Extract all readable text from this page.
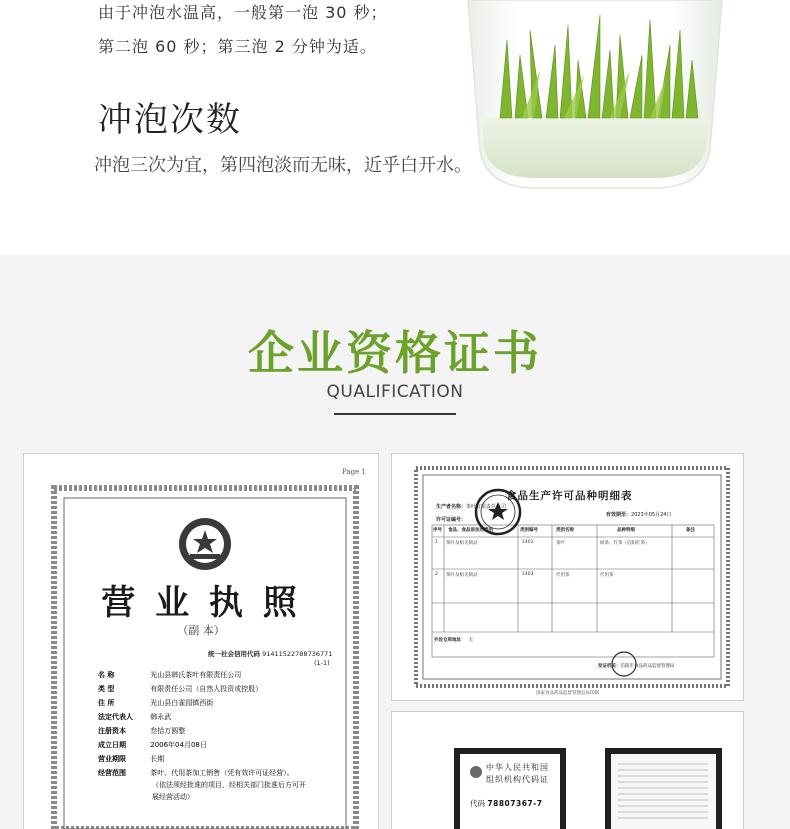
由于冲泡水温高，一般第一泡 30 秒；
第二泡 60 秒；第三泡 2 分钟为适。
冲泡次数
冲泡三次为宜，第四泡淡而无味，近乎白开水。
企业资格证书
QUALIFICATION
Page 1
营 业 执 照
（副 本）
统一社会信用代码 91411522788736771
(1-1)
名 称	光山县韩氏茶叶有限责任公司
类 型	有限责任公司（自然人投资或控股）
住 所	光山县白雀园镇西街
法定代表人 韩永武
注册资本	叁拾万圆整
成立日期	2006年04月08日
营业期限	长期
经营范围	茶叶、代用茶加工销售（凭有效许可证经营）。
（依法须经批准的项目，经相关部门批准后方可开
展经营活动）
食品生产许可品种明细表
生产者名称：茶叶有限责任公司
许可证编号：
有效期至：2023年05月24日
序号 食品、食品添加剂类别	类别编号	类别名称	品种明细	备注
1 茶叶及相关制品	1401	茶叶	绿茶、红茶（信阳红茶）
2 茶叶及相关制品	1403	代用茶	代用茶
外设仓库地址 无
发证机关：信阳市食品药品监督管理局
国家食品药品监督管理总局印制
中华人民共和国
组织机构代码证
代码 78807367-7
